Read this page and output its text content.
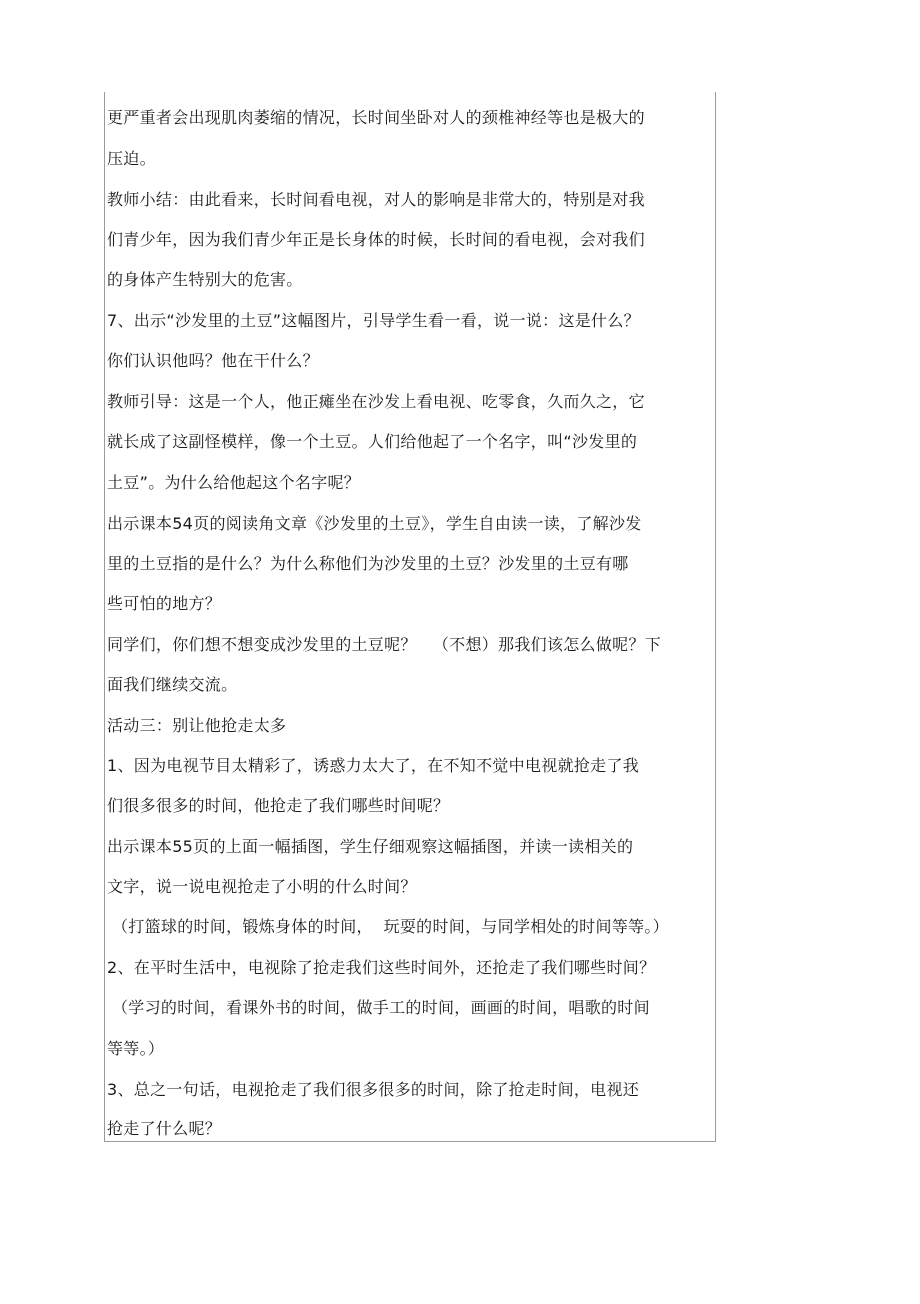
更严重者会出现肌肉萎缩的情况，长时间坐卧对人的颈椎神经等也是极大的

压迫。

教师小结：由此看来，长时间看电视，对人的影响是非常大的，特别是对我

们青少年，因为我们青少年正是长身体的时候，长时间的看电视，会对我们

的身体产生特别大的危害。

7、出示“沙发里的土豆”这幅图片，引导学生看一看，说一说：这是什么？

你们认识他吗？他在干什么？

教师引导：这是一个人，他正瘫坐在沙发上看电视、吃零食，久而久之，它

就长成了这副怪模样，像一个土豆。人们给他起了一个名字，叫“沙发里的

土豆”。为什么给他起这个名字呢？

出示课本54页的阅读角文章《沙发里的土豆》，学生自由读一读，了解沙发

里的土豆指的是什么？为什么称他们为沙发里的土豆？沙发里的土豆有哪

些可怕的地方？

同学们，你们想不想变成沙发里的土豆呢？   （不想）那我们该怎么做呢？下

面我们继续交流。

活动三：别让他抢走太多

1、因为电视节目太精彩了，诱惑力太大了，在不知不觉中电视就抢走了我

们很多很多的时间，他抢走了我们哪些时间呢？

出示课本55页的上面一幅插图，学生仔细观察这幅插图，并读一读相关的

文字，说一说电视抢走了小明的什么时间？

（打篮球的时间，锻炼身体的时间，  玩耍的时间，与同学相处的时间等等。）

2、在平时生活中，电视除了抢走我们这些时间外，还抢走了我们哪些时间？

（学习的时间，看课外书的时间，做手工的时间，画画的时间，唱歌的时间

等等。）

3、总之一句话，电视抢走了我们很多很多的时间，除了抢走时间，电视还

抢走了什么呢？
